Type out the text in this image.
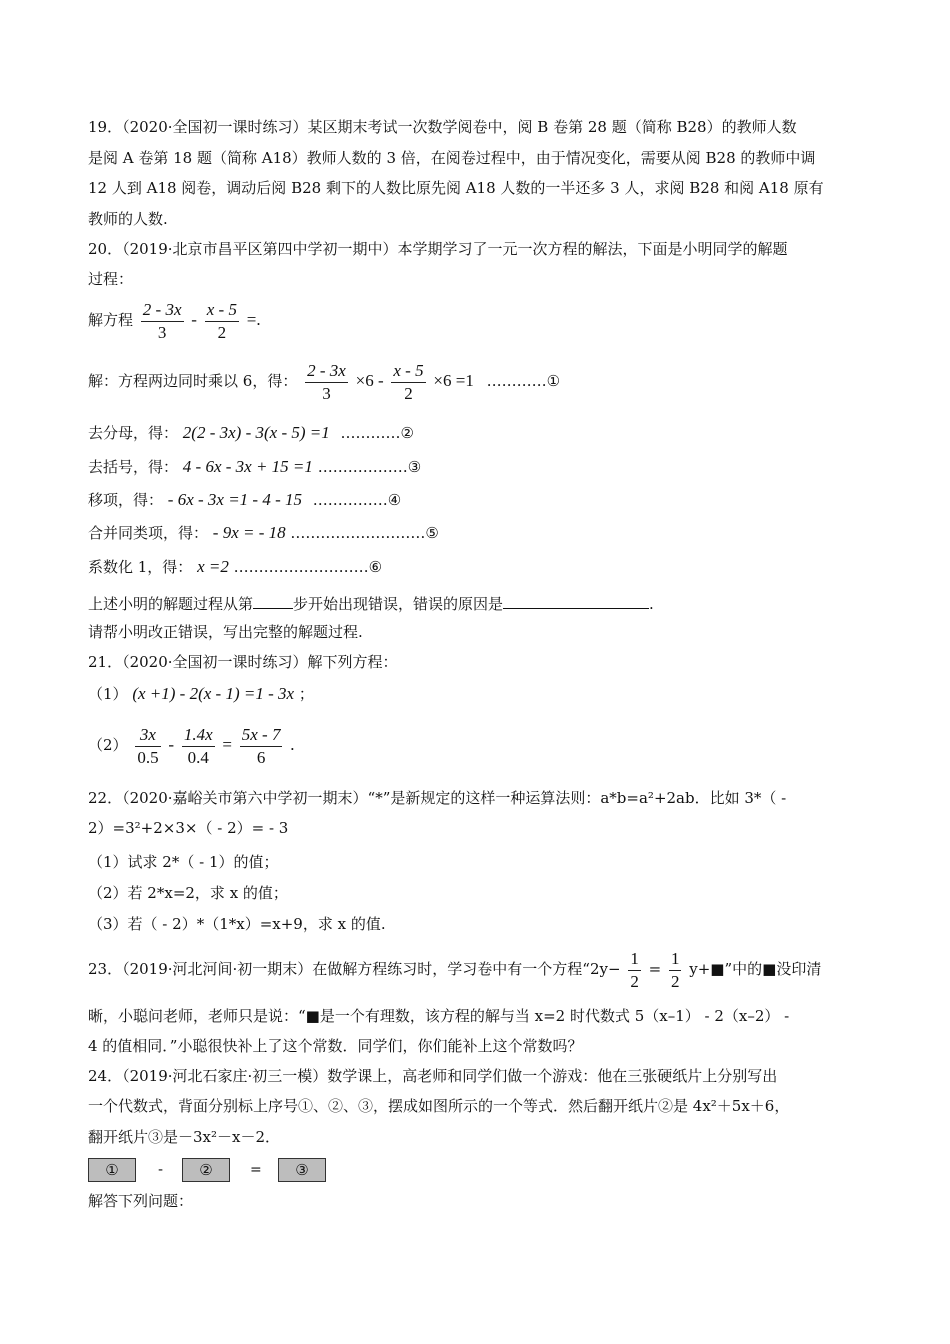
19．（2020·全国初一课时练习）某区期末考试一次数学阅卷中，阅 B 卷第 28 题（简称 B28）的教师人数
是阅 A 卷第 18 题（简称 A18）教师人数的 3 倍，在阅卷过程中，由于情况变化，需要从阅 B28 的教师中调
12 人到 A18 阅卷，调动后阅 B28 剩下的人数比原先阅 A18 人数的一半还多 3 人，求阅 B28 和阅 A18 原有
教师的人数.
20．（2019·北京市昌平区第四中学初一期中）本学期学习了一元一次方程的解法，下面是小明同学的解题
过程：
解方程 $\frac{2 - 3x}{3} - \frac{x - 5}{2}$ =.
解：方程两边同时乘以 6，得： $\frac{2 - 3x}{3} \times 6 - \frac{x - 5}{2} \times 6 =1$ …………①
去分母，得： 2(2 - 3x) - 3(x - 5) =1 …………②
去括号，得： 4 - 6x - 3x + 15 =1 ………………③
移项，得： - 6x - 3x =1 - 4 - 15 ……………④
合并同类项，得： - 9x = - 18 ………………………⑤
系数化 1，得： x =2 ………………………⑥
上述小明的解题过程从第	步开始出现错误，错误的原因是	.
请帮小明改正错误，写出完整的解题过程.
21．（2020·全国初一课时练习）解下列方程：
（1） (x +1) - 2(x - 1) =1 - 3x ；
$(2) \frac{3x}{0.5} - \frac{1.4x}{0.4} = \frac{5x - 7}{6}$ .
22．（2020·嘉峪关市第六中学初一期末）“*”是新规定的这样一种运算法则：a*b=a²+2ab．比如 3*（ -
2）=3²+2×3×（ - 2）= - 3
（1）试求 2*（ - 1）的值；
（2）若 2*x=2，求 x 的值；
（3）若（ - 2）*（1*x）=x+9，求 x 的值.
23．（2019·河北河间·初一期末）在做解方程练习时，学习卷中有一个方程“$2y- \frac{1}{2} = \frac{1}{2}$ y+■”中的■没印清
晰，小聪问老师，老师只是说：“■是一个有理数，该方程的解与当 x=2 时代数式 5（x–1） - 2（x–2） -
4 的值相同．”小聪很快补上了这个常数．同学们，你们能补上这个常数吗？
24．（2019·河北石家庄·初三一模）数学课上，高老师和同学们做一个游戏：他在三张硬纸片上分别写出
一个代数式，背面分别标上序号①、②、③，摆成如图所示的一个等式．然后翻开纸片②是 4x²＋5x＋6，
翻开纸片③是－3x²－x－2．
①	-	②	=	③
解答下列问题：
